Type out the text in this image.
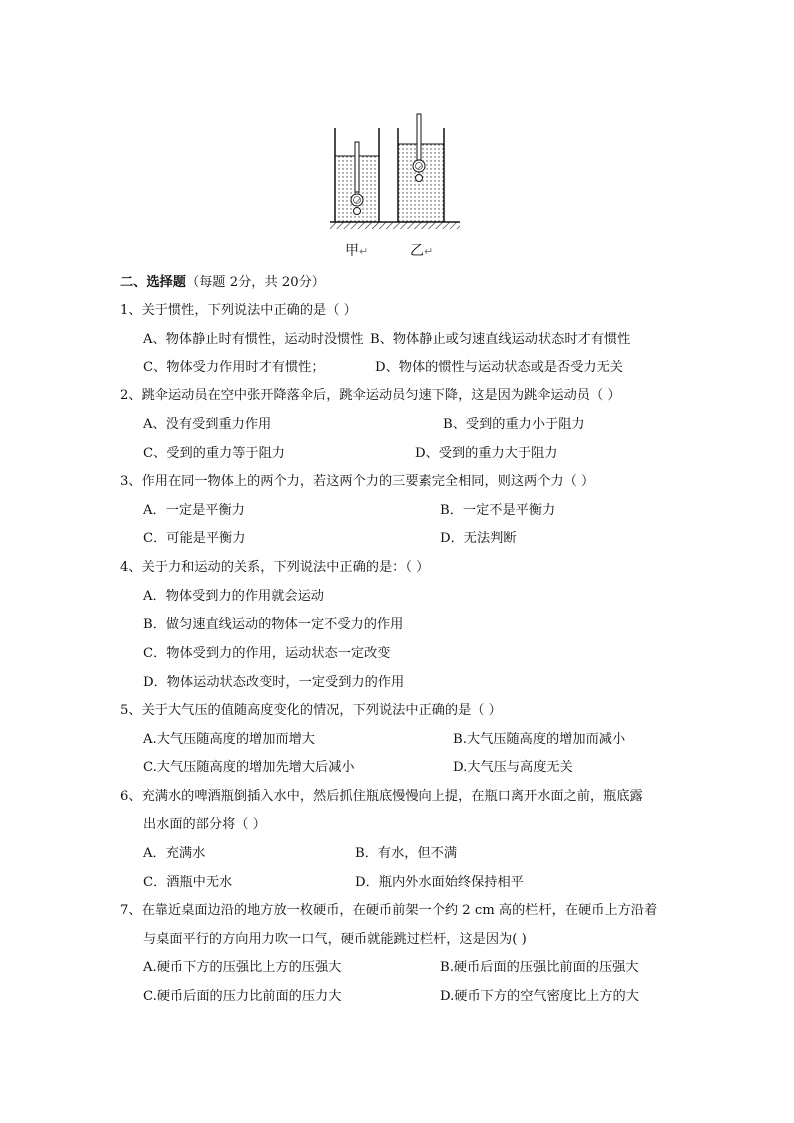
甲↵	乙↵
二、选择题（每题 2分，共 20分）
1、关于惯性，下列说法中正确的是（ ）
A、物体静止时有惯性，运动时没惯性 B、物体静止或匀速直线运动状态时才有惯性
C、物体受力作用时才有惯性；	D、物体的惯性与运动状态或是否受力无关
2、跳伞运动员在空中张开降落伞后，跳伞运动员匀速下降，这是因为跳伞运动员（ ）
A、没有受到重力作用	B、受到的重力小于阻力
C、受到的重力等于阻力	D、受到的重力大于阻力
3、作用在同一物体上的两个力，若这两个力的三要素完全相同，则这两个力（ ）
A．一定是平衡力	B．一定不是平衡力
C．可能是平衡力	D．无法判断
4、关于力和运动的关系，下列说法中正确的是：（ ）
A．物体受到力的作用就会运动
B．做匀速直线运动的物体一定不受力的作用
C．物体受到力的作用，运动状态一定改变
D．物体运动状态改变时，一定受到力的作用
5、关于大气压的值随高度变化的情况，下列说法中正确的是（ ）
A.大气压随高度的增加而增大	B.大气压随高度的增加而减小
C.大气压随高度的增加先增大后减小	D.大气压与高度无关
6、充满水的啤酒瓶倒插入水中，然后抓住瓶底慢慢向上提，在瓶口离开水面之前，瓶底露
出水面的部分将（ ）
A．充满水	B．有水，但不满
C．酒瓶中无水	D．瓶内外水面始终保持相平
7、在靠近桌面边沿的地方放一枚硬币，在硬币前架一个约 2 cm 高的栏杆，在硬币上方沿着
与桌面平行的方向用力吹一口气，硬币就能跳过栏杆，这是因为( )
A.硬币下方的压强比上方的压强大	B.硬币后面的压强比前面的压强大
C.硬币后面的压力比前面的压力大	D.硬币下方的空气密度比上方的大
